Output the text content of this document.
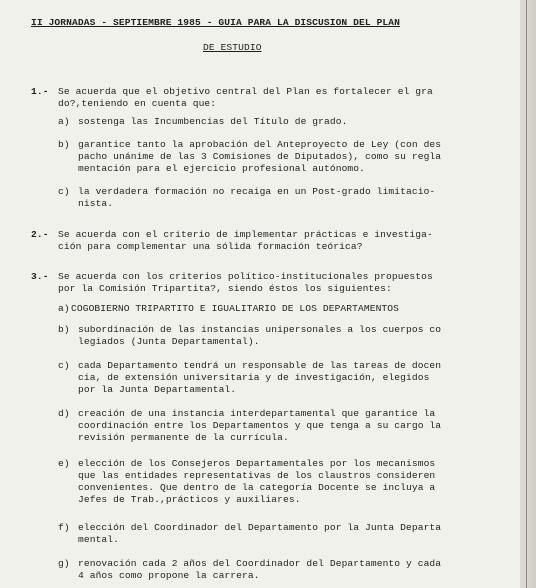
II JORNADAS - SEPTIEMBRE 1985 - GUIA PARA LA DISCUSION DEL PLAN
DE ESTUDIO
1.- Se acuerda que el objetivo central del Plan es fortalecer el gra
do?,teniendo en cuenta que:
a) sostenga las Incumbencias del Título de grado.
b) garantice tanto la aprobación del Anteproyecto de Ley (con des
pacho unánime de las 3 Comisiones de Diputados), como su regla
mentación para el ejercicio profesional autónomo.
c) la verdadera formación no recaiga en un Post-grado limitacio-
nista.
2.- Se acuerda con el criterio de implementar prácticas e investiga-
ción para complementar una sólida formación teórica?
3.- Se acuerda con los criterios político-institucionales propuestos
por la Comisión Tripartita?, siendo éstos los siguientes:
a) COGOBIERNO TRIPARTITO E IGUALITARIO DE LOS DEPARTAMENTOS
b) subordinación de las instancias unipersonales a los cuerpos co
legiados (Junta Departamental).
c) cada Departamento tendrá un responsable de las tareas de docen
cia, de extensión universitaria y de investigación, elegidos
por la Junta Departamental.
d) creación de una instancia interdepartamental que garantice la
coordinación entre los Departamentos y que tenga a su cargo la
revisión permanente de la currícula.
e) elección de los Consejeros Departamentales por los mecanismos
que las entidades representativas de los claustros consideren
convenientes. Que dentro de la categoría Docente se incluya a
Jefes de Trab.,prácticos y auxiliares.
f) elección del Coordinador del Departamento por la Junta Departa
mental.
g) renovación cada 2 años del Coordinador del Departamento y cada
4 años como propone la carrera.
